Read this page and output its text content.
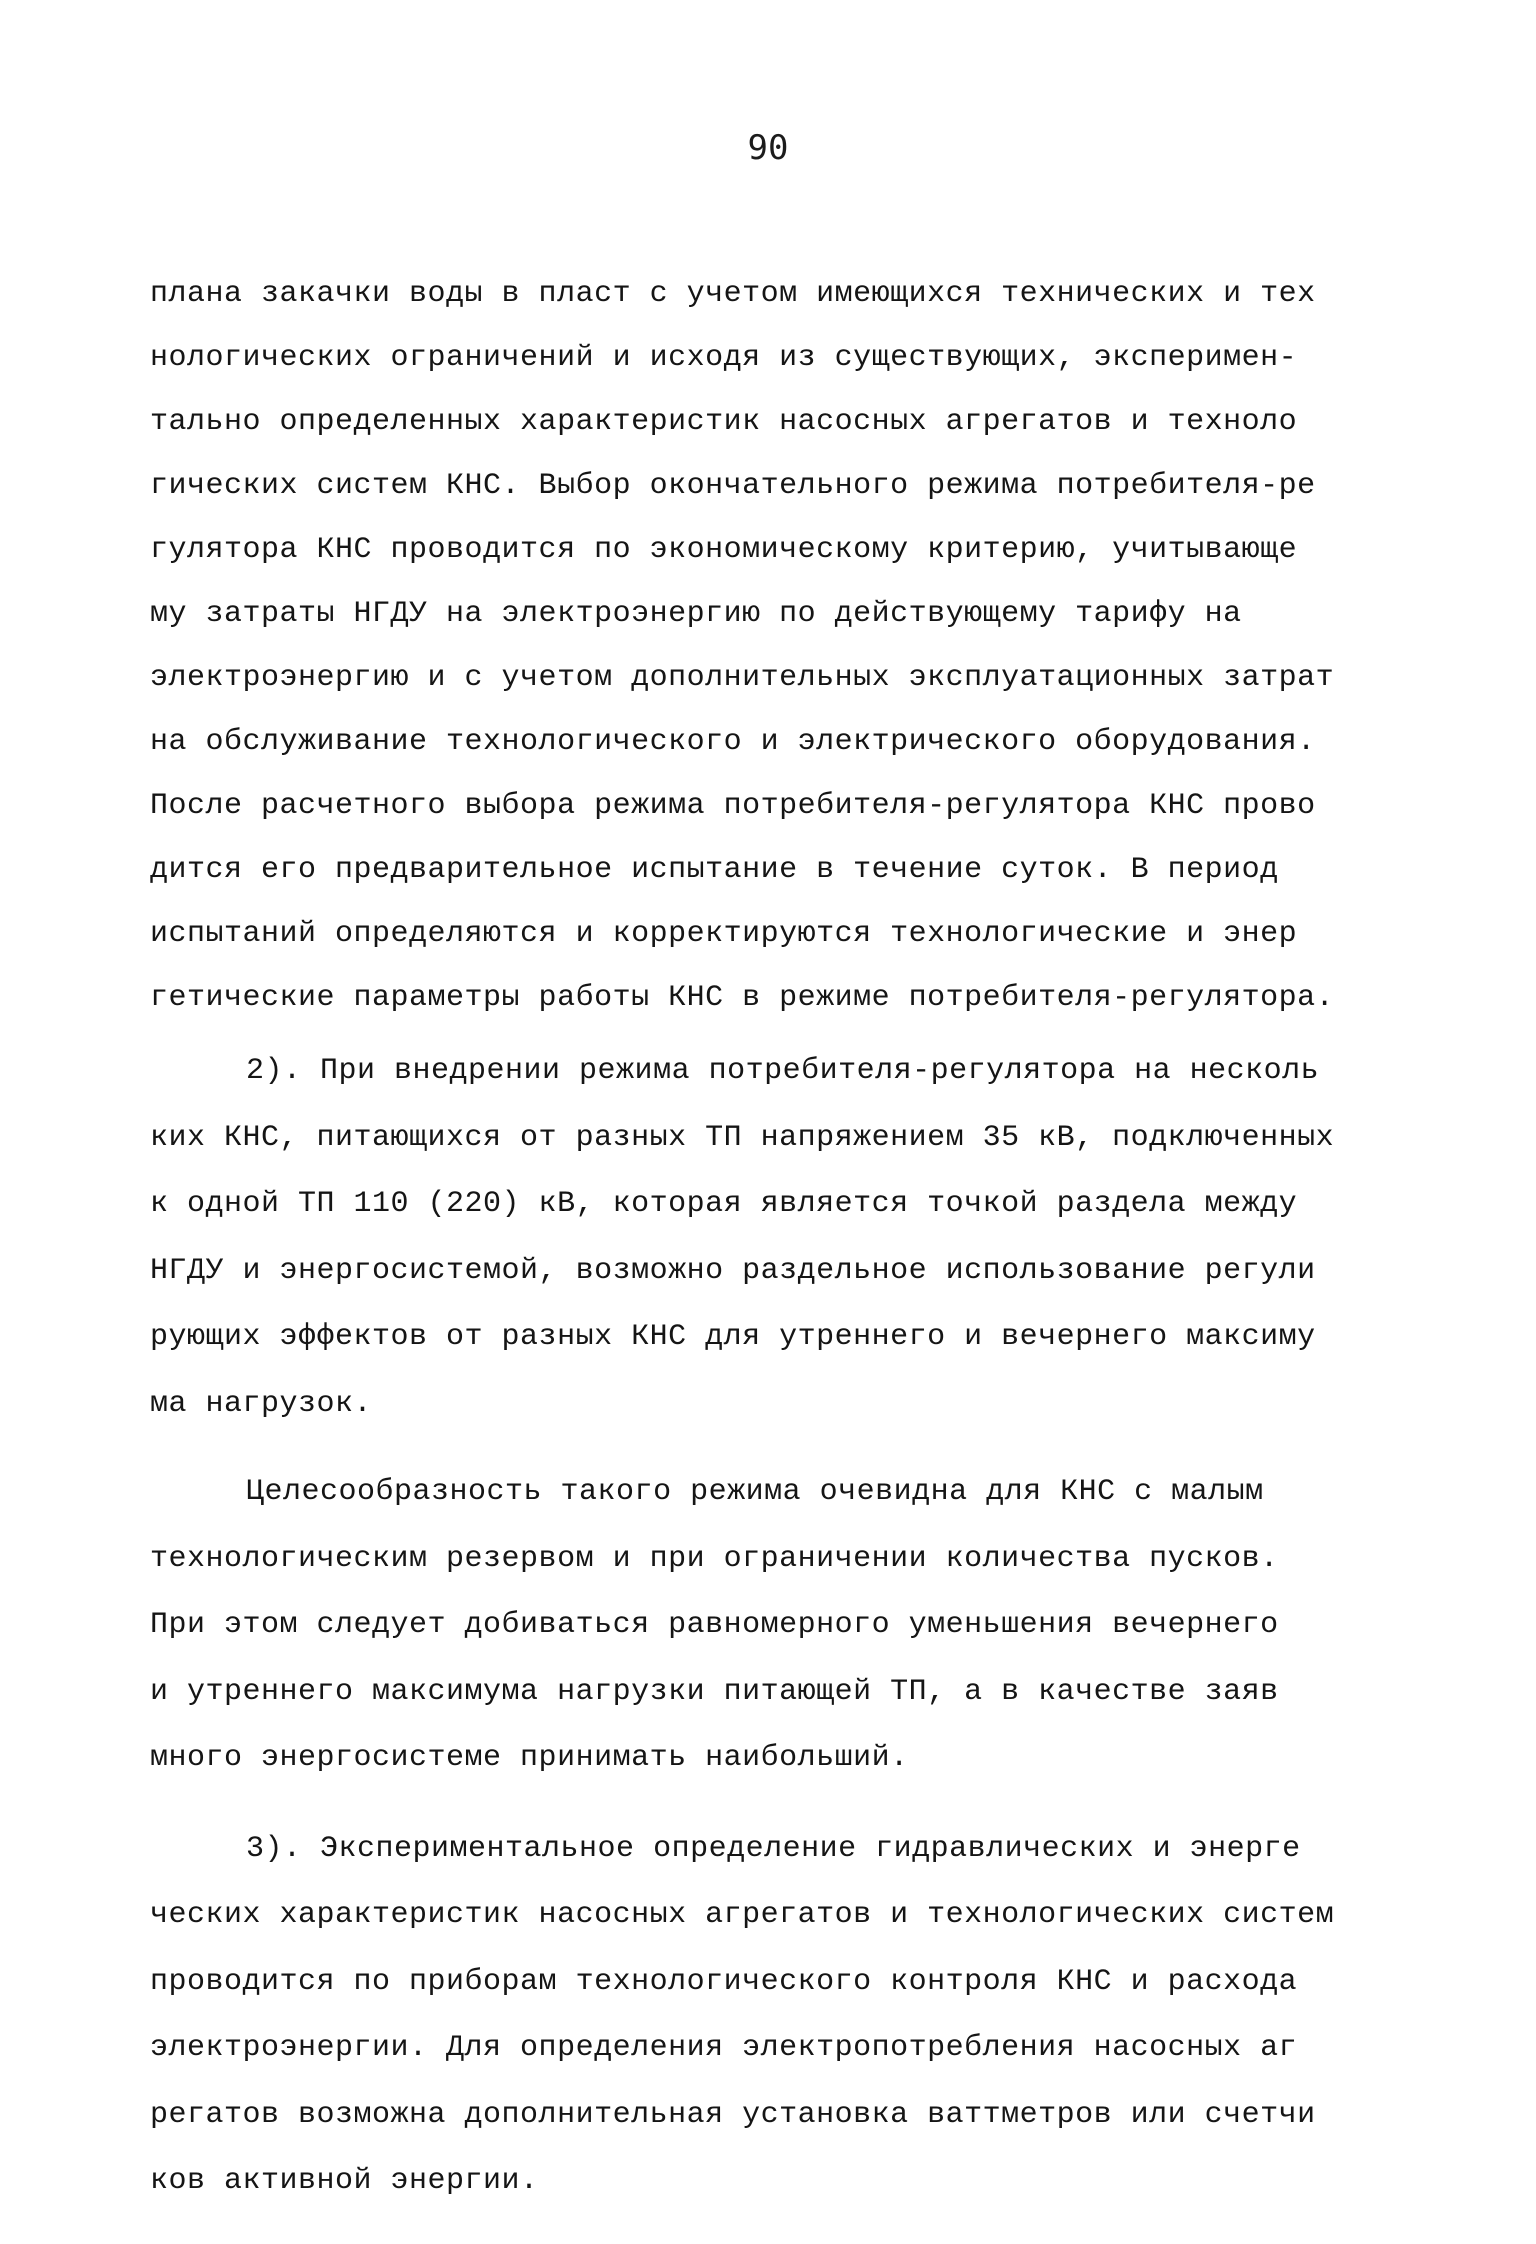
90
плана закачки воды в пласт с учетом имеющихся технических и тех
нологических ограничений и исходя из существующих, эксперимен-
тально определенных характеристик насосных агрегатов и техноло
гических систем КНС. Выбор окончательного режима потребителя-ре
гулятора КНС проводится по экономическому критерию, учитывающе
му затраты НГДУ на электроэнергию по действующему тарифу на
электроэнергию и с учетом дополнительных эксплуатационных затрат
на обслуживание технологического и электрического оборудования.
После расчетного выбора режима потребителя-регулятора КНС прово
дится его предварительное испытание в течение суток. В период
испытаний определяются и корректируются технологические и энер
гетические параметры работы КНС в режиме потребителя-регулятора.
2). При внедрении режима потребителя-регулятора на несколь
ких КНС, питающихся от разных ТП напряжением 35 кВ, подключенных
к одной ТП 110 (220) кВ, которая является точкой раздела между
НГДУ и энергосистемой, возможно раздельное использование регули
рующих эффектов от разных КНС для утреннего и вечернего максиму
ма нагрузок.
Целесообразность такого режима очевидна для КНС с малым
технологическим резервом и при ограничении количества пусков.
При этом следует добиваться равномерного уменьшения вечернего
и утреннего максимума нагрузки питающей ТП, а в качестве заяв
много энергосистеме принимать наибольший.
3). Экспериментальное определение гидравлических и энерге
ческих характеристик насосных агрегатов и технологических систем
проводится по приборам технологического контроля КНС и расхода
электроэнергии. Для определения электропотребления насосных аг
регатов возможна дополнительная установка ваттметров или счетчи
ков активной энергии.
